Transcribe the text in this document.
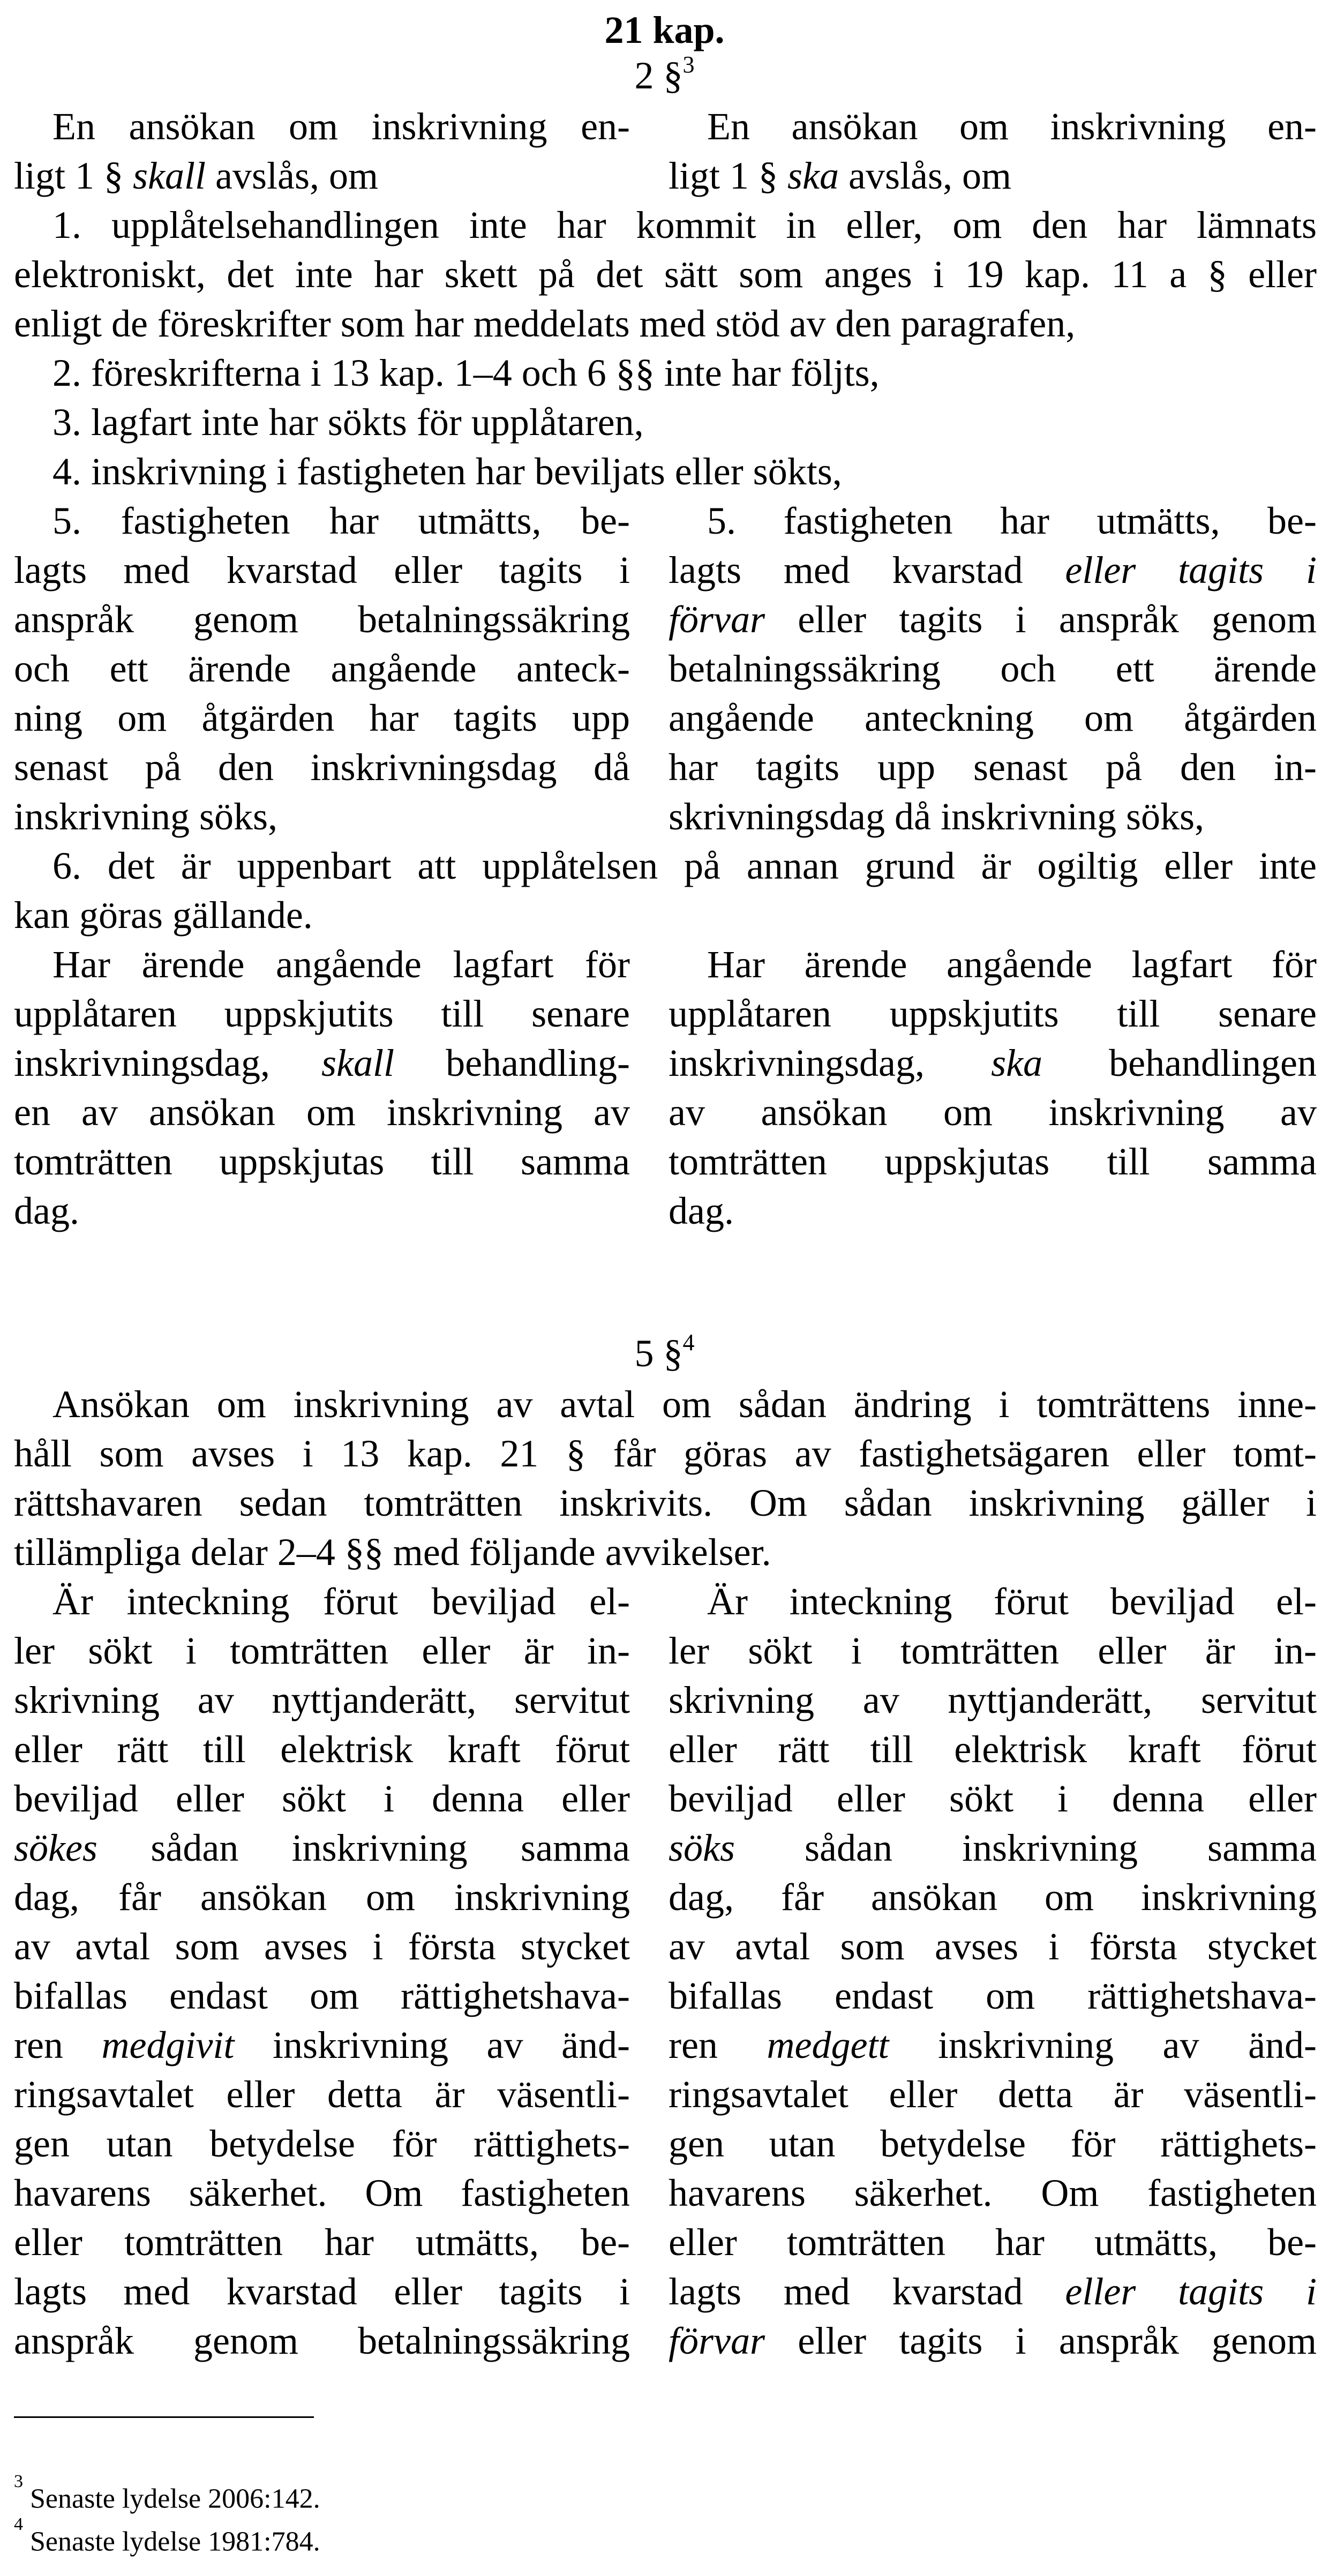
21 kap.
2 §$^3$
En ansökan om inskrivning en-
ligt 1 § skall avslås, om
En ansökan om inskrivning en-
ligt 1 § ska avslås, om
1. upplåtelsehandlingen inte har kommit in eller, om den har lämnats
elektroniskt, det inte har skett på det sätt som anges i 19 kap. 11 a § eller
enligt de föreskrifter som har meddelats med stöd av den paragrafen,
2. föreskrifterna i 13 kap. 1–4 och 6 §§ inte har följts,
3. lagfart inte har sökts för upplåtaren,
4. inskrivning i fastigheten har beviljats eller sökts,
5. fastigheten har utmätts, be-
lagts med kvarstad eller tagits i
anspråk genom betalningssäkring
och ett ärende angående anteck-
ning om åtgärden har tagits upp
senast på den inskrivningsdag då
inskrivning söks,
5. fastigheten har utmätts, be-
lagts med kvarstad eller tagits i
förvar eller tagits i anspråk genom
betalningssäkring och ett ärende
angående anteckning om åtgärden
har tagits upp senast på den in-
skrivningsdag då inskrivning söks,
6. det är uppenbart att upplåtelsen på annan grund är ogiltig eller inte
kan göras gällande.
Har ärende angående lagfart för
upplåtaren uppskjutits till senare
inskrivningsdag, skall behandling-
en av ansökan om inskrivning av
tomträtten uppskjutas till samma
dag.
Har ärende angående lagfart för
upplåtaren uppskjutits till senare
inskrivningsdag, ska behandlingen
av ansökan om inskrivning av
tomträtten uppskjutas till samma
dag.
5 §$^4$
Ansökan om inskrivning av avtal om sådan ändring i tomträttens inne-
håll som avses i 13 kap. 21 § får göras av fastighetsägaren eller tomt-
rättshavaren sedan tomträtten inskrivits. Om sådan inskrivning gäller i
tillämpliga delar 2–4 §§ med följande avvikelser.
Är inteckning förut beviljad el-
ler sökt i tomträtten eller är in-
skrivning av nyttjanderätt, servitut
eller rätt till elektrisk kraft förut
beviljad eller sökt i denna eller
sökes sådan inskrivning samma
dag, får ansökan om inskrivning
av avtal som avses i första stycket
bifallas endast om rättighetshava-
ren medgivit inskrivning av änd-
ringsavtalet eller detta är väsentli-
gen utan betydelse för rättighets-
havarens säkerhet. Om fastigheten
eller tomträtten har utmätts, be-
lagts med kvarstad eller tagits i
anspråk genom betalningssäkring
Är inteckning förut beviljad el-
ler sökt i tomträtten eller är in-
skrivning av nyttjanderätt, servitut
eller rätt till elektrisk kraft förut
beviljad eller sökt i denna eller
söks sådan inskrivning samma
dag, får ansökan om inskrivning
av avtal som avses i första stycket
bifallas endast om rättighetshava-
ren medgett inskrivning av änd-
ringsavtalet eller detta är väsentli-
gen utan betydelse för rättighets-
havarens säkerhet. Om fastigheten
eller tomträtten har utmätts, be-
lagts med kvarstad eller tagits i
förvar eller tagits i anspråk genom
$^3$ Senaste lydelse 2006:142.
$^4$ Senaste lydelse 1981:784.
